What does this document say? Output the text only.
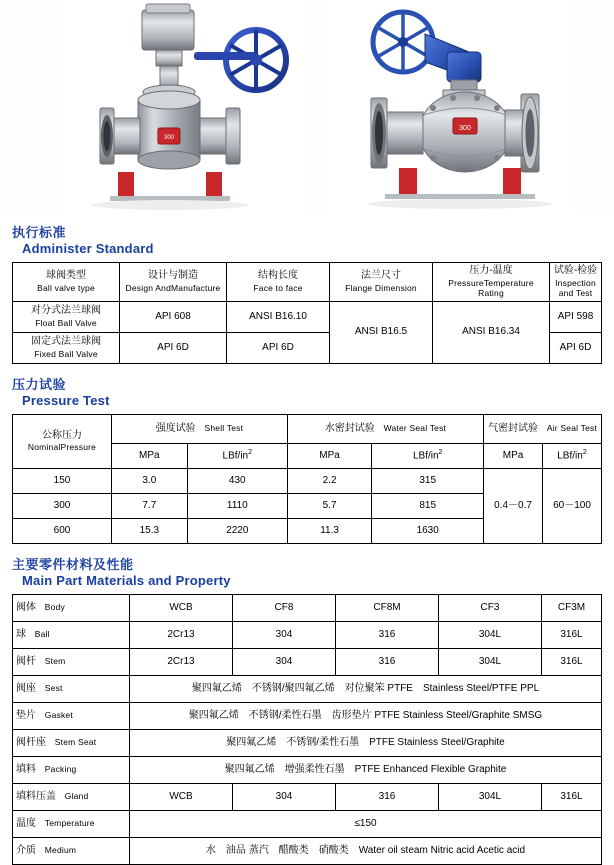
300
300
执行标准
Administer Standard
球阀类型
Ball valve type	设计与制造
Design AndManufacture	结构长度
Face to face	法兰尺寸
Flange Dimension	压力-温度
PressureTemperature Rating	试验-检验
Inspection and Test

对分式法兰球阀
Float Ball Valve	API 608	ANSI B16.10	ANSI B16.5	ANSI B16.34	API 598

固定式法兰球阀
Fixed Ball Valve	API 6D	API 6D			API 6D
压力试验
Pressure Test
公称压力
NominalPressure	强度试验 Shell Test		水密封试验 Water Seal Test		气密封试验 Air Seal Test	
	MPa	LBf/$in^2$	MPa	LBf/$in^2$	MPa	LBf/$in^2$
150	3.0	430	2.2	315	0.4－0.7	60－100
300	7.7	1110	5.7	815		
600	15.3	2220	11.3	1630		
主要零件材料及性能
Main Part Materials and Property
阀体 Body	WCB	CF8	CF8M	CF3	CF3M
球 Ball	2Cr13	304	316	304L	316L
阀杆 Stem	2Cr13	304	316	304L	316L
阀座 Sest	聚四氟乙烯　不锈钢/聚四氟乙烯　对位聚笨 PTFE　Stainless Steel/PTFE PPL				
垫片 Gasket	聚四氟乙烯　不锈钢/柔性石墨　齿形垫片 PTFE Stainless Steel/Graphite SMSG				
阀杆座 Stem Seat	聚四氟乙烯　不锈钢/柔性石墨　PTFE Stainless Steel/Graphite				
填料 Packing	聚四氟乙烯　增强柔性石墨　PTFE Enhanced Flexible Graphite				
填料压盖 Gland	WCB	304	316	304L	316L
温度 Temperature	≤150				
介质 Medium	水　油品 蒸汽　醋酸类　硝酸类　Water oil steam Nitric acid Acetic acid				
